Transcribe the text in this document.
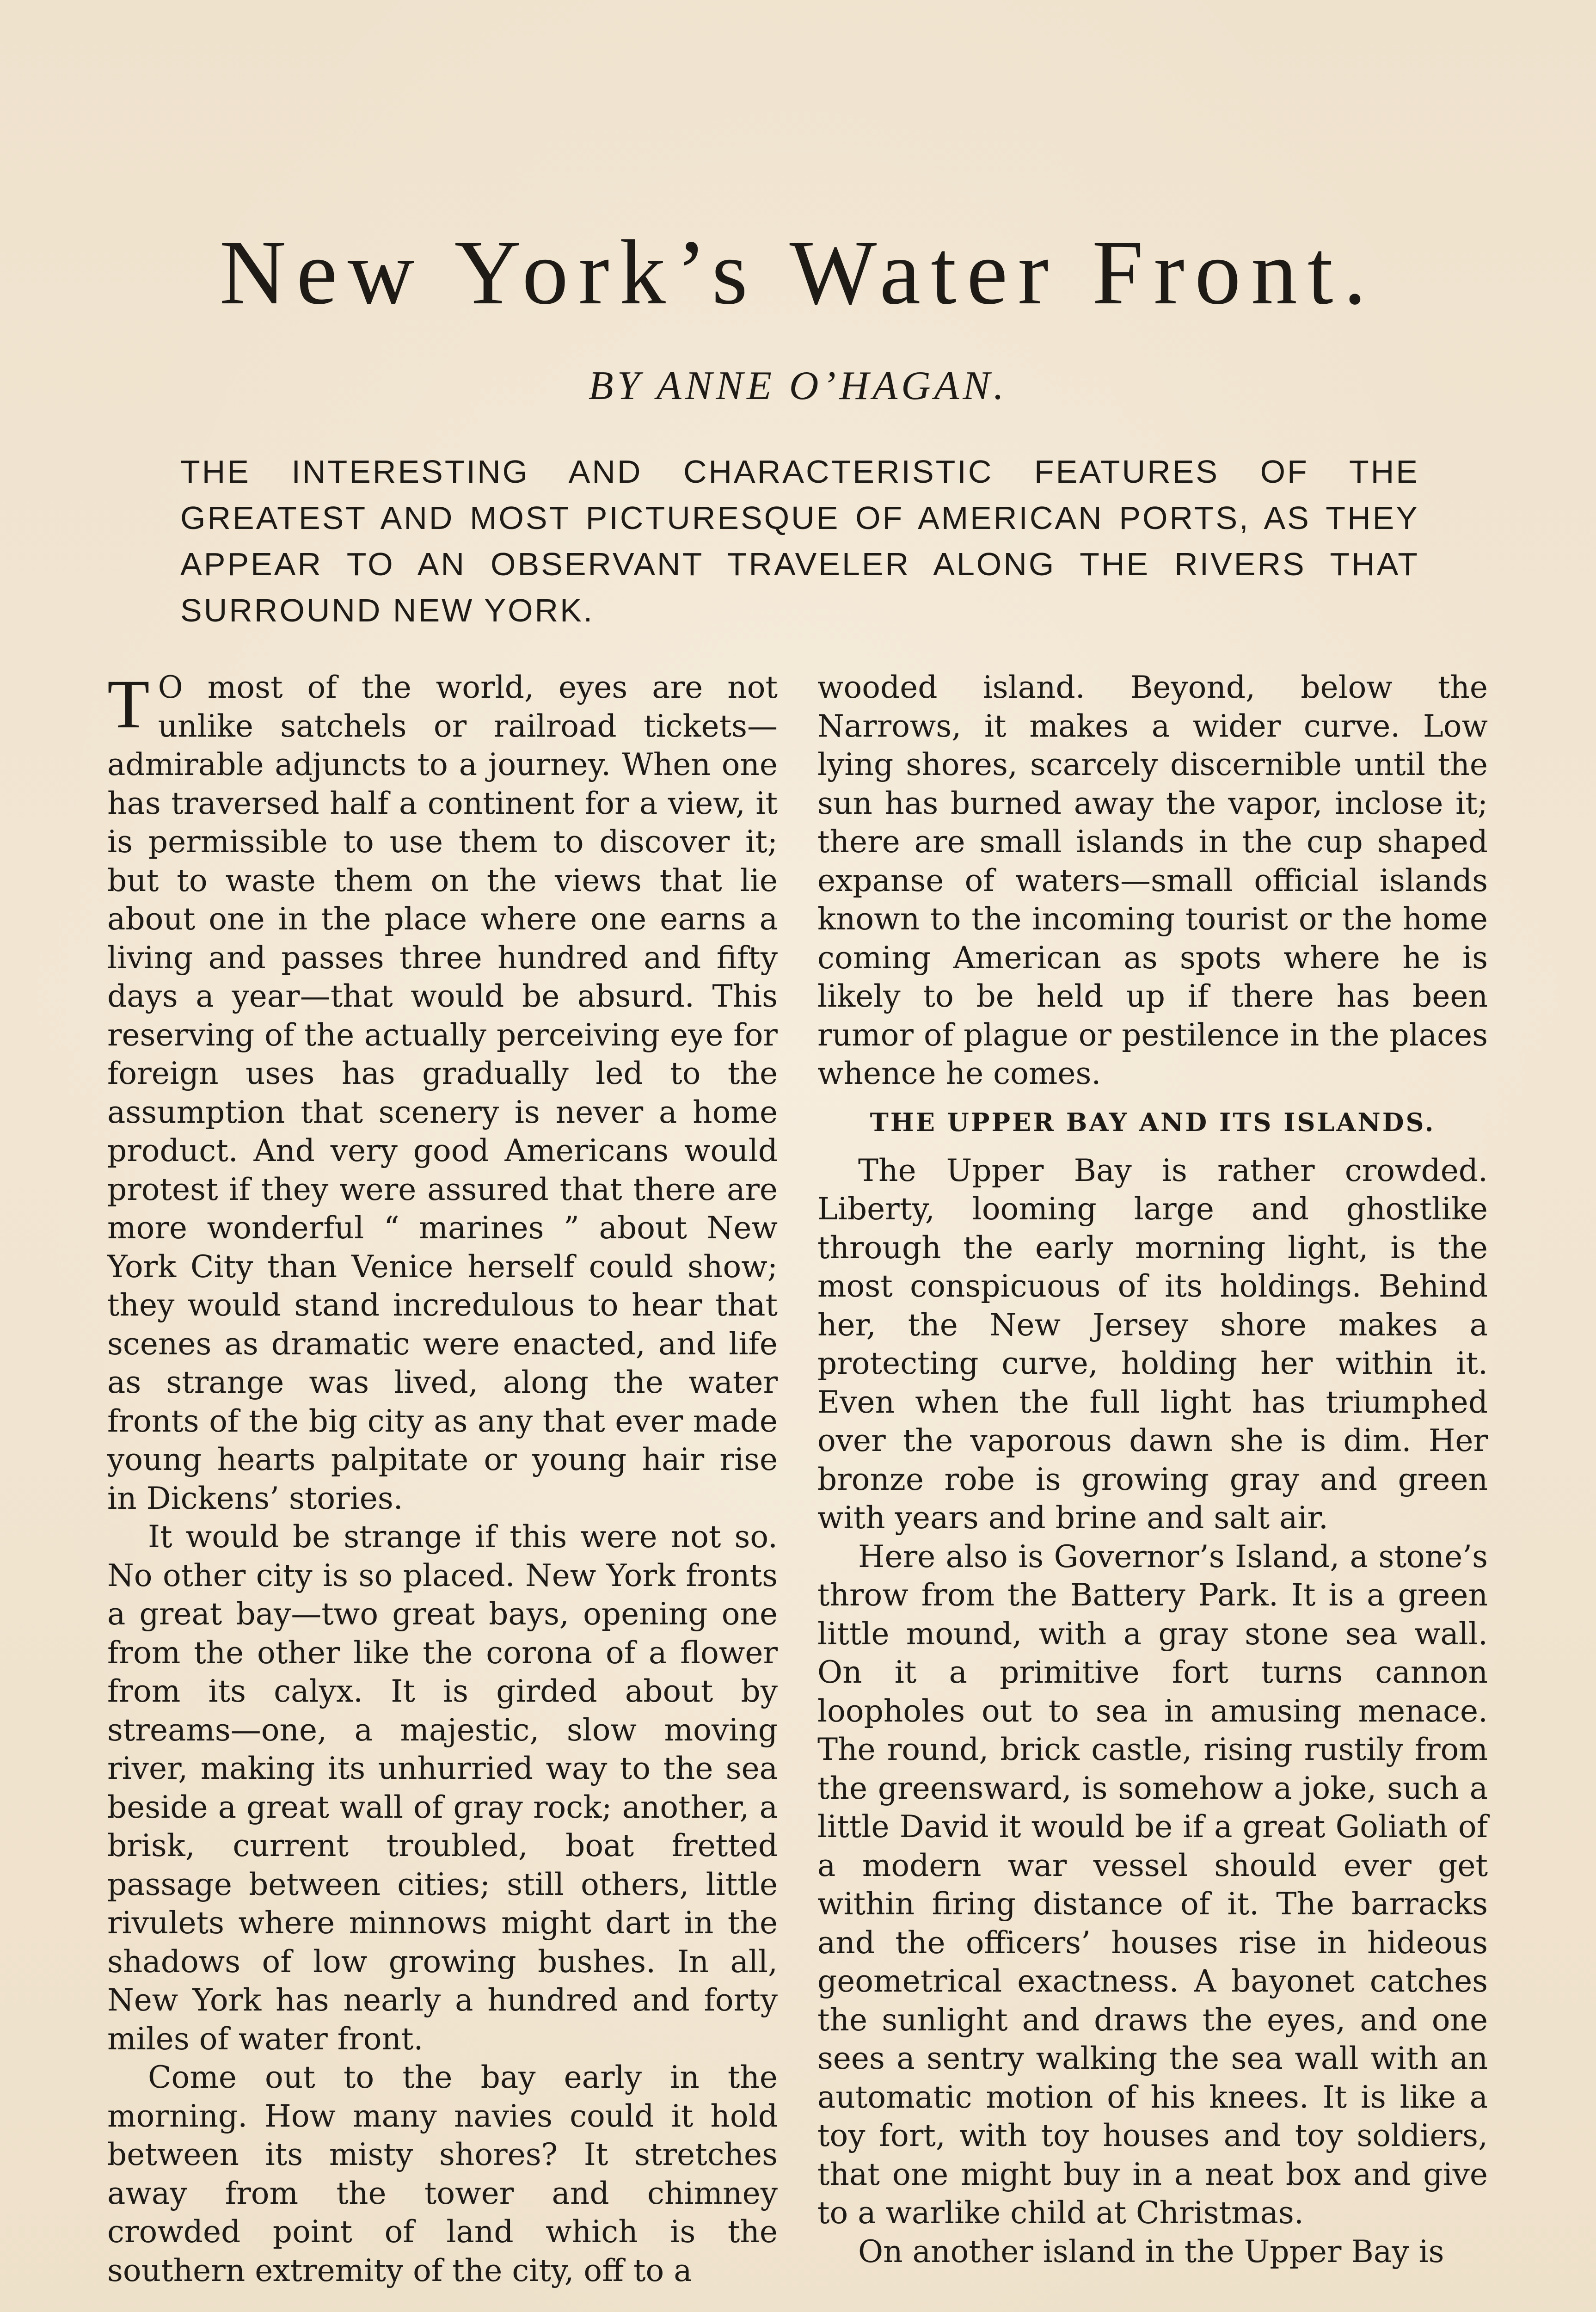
New York’s Water Front.
BY ANNE O’HAGAN.
THE INTERESTING AND CHARACTERISTIC FEATURES OF THE GREATEST AND MOST PICTURESQUE OF AMERICAN PORTS, AS THEY APPEAR TO AN OBSERVANT TRAVELER ALONG THE RIVERS THAT SURROUND NEW YORK.

T O most of the world, eyes are not unlike satchels or railroad tickets—admirable adjuncts to a journey. When one has traversed half a continent for a view, it is permissible to use them to discover it; but to waste them on the views that lie about one in the place where one earns a living and passes three hundred and fifty days a year—that would be absurd. This reserving of the actually perceiving eye for foreign uses has gradually led to the assumption that scenery is never a home product. And very good Americans would protest if they were assured that there are more wonderful “ marines ” about New York City than Venice herself could show; they would stand incredulous to hear that scenes as dramatic were enacted, and life as strange was lived, along the water fronts of the big city as any that ever made young hearts palpitate or young hair rise in Dickens’ stories.

It would be strange if this were not so. No other city is so placed. New York fronts a great bay—two great bays, opening one from the other like the corona of a flower from its calyx. It is girded about by streams—one, a majestic, slow moving river, making its unhurried way to the sea beside a great wall of gray rock; another, a brisk, current troubled, boat fretted passage between cities; still others, little rivulets where minnows might dart in the shadows of low growing bushes. In all, New York has nearly a hundred and forty miles of water front.

Come out to the bay early in the morning. How many navies could it hold between its misty shores? It stretches away from the tower and chimney crowded point of land which is the southern extremity of the city, off to a

wooded island. Beyond, below the Narrows, it makes a wider curve. Low lying shores, scarcely discernible until the sun has burned away the vapor, inclose it; there are small islands in the cup shaped expanse of waters—small official islands known to the incoming tourist or the home coming American as spots where he is likely to be held up if there has been rumor of plague or pestilence in the places whence he comes.

THE UPPER BAY AND ITS ISLANDS.

The Upper Bay is rather crowded. Liberty, looming large and ghostlike through the early morning light, is the most conspicuous of its holdings. Behind her, the New Jersey shore makes a protecting curve, holding her within it. Even when the full light has triumphed over the vaporous dawn she is dim. Her bronze robe is growing gray and green with years and brine and salt air.

Here also is Governor’s Island, a stone’s throw from the Battery Park. It is a green little mound, with a gray stone sea wall. On it a primitive fort turns cannon loopholes out to sea in amusing menace. The round, brick castle, rising rustily from the greensward, is somehow a joke, such a little David it would be if a great Goliath of a modern war vessel should ever get within firing distance of it. The barracks and the officers’ houses rise in hideous geometrical exactness. A bayonet catches the sunlight and draws the eyes, and one sees a sentry walking the sea wall with an automatic motion of his knees. It is like a toy fort, with toy houses and toy soldiers, that one might buy in a neat box and give to a warlike child at Christmas.

On another island in the Upper Bay is
